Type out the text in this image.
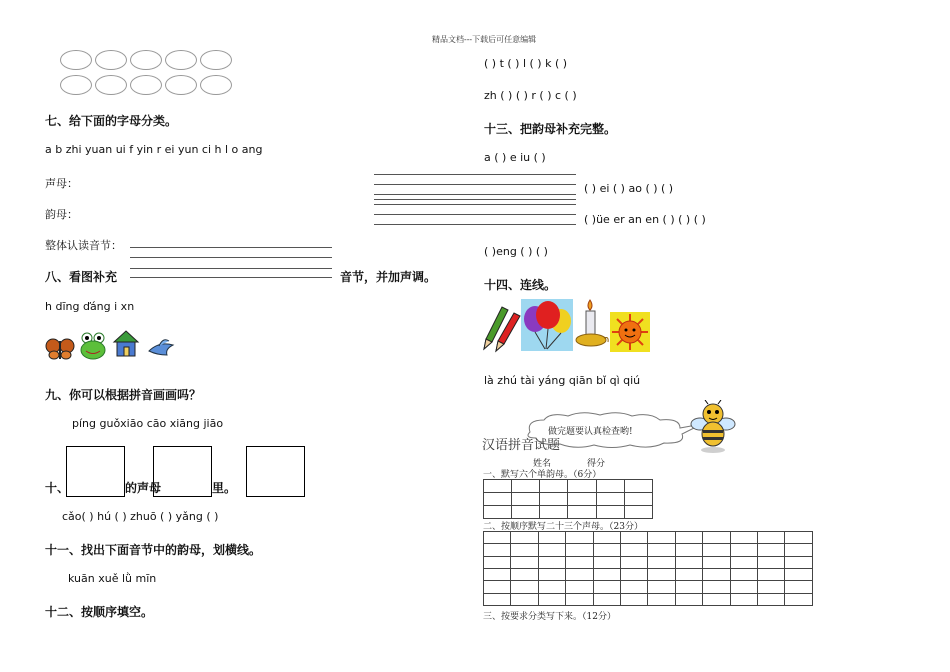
精品文档---下载后可任意编辑
七、给下面的字母分类。
a b zhi yuan ui f yin r ei yun ci h l o ang
声母：
韵母：
整体认读音节：
八、看图补充	音节，并加声调。
h dīng ďáng i xn
九、你可以根据拼音画画吗？
píng guǒxiāo cāo xiāng jiāo
十、	的声母	里。
cǎo( ) hú ( ) zhuō ( ) yǎng ( )
十一、找出下面音节中的韵母，划横线。
kuān xuě lǜ mīn
十二、按顺序填空。
( ) t ( ) l ( ) k ( )
zh ( ) ( ) r ( ) c ( )
十三、把韵母补充完整。
a ( ) e iu ( )
( ) ei ( ) ao ( ) ( )
( )üe er an en ( ) ( ) ( )
( )eng ( ) ( )
十四、连线。
là zhú tài yáng qiān bǐ qì qiú
做完题要认真检查哟!
汉语拼音试题
姓名	得分
一、默写六个单韵母。（6分）

二、按顺序默写二十三个声母。（23分）

三、按要求分类写下来。（12分）
